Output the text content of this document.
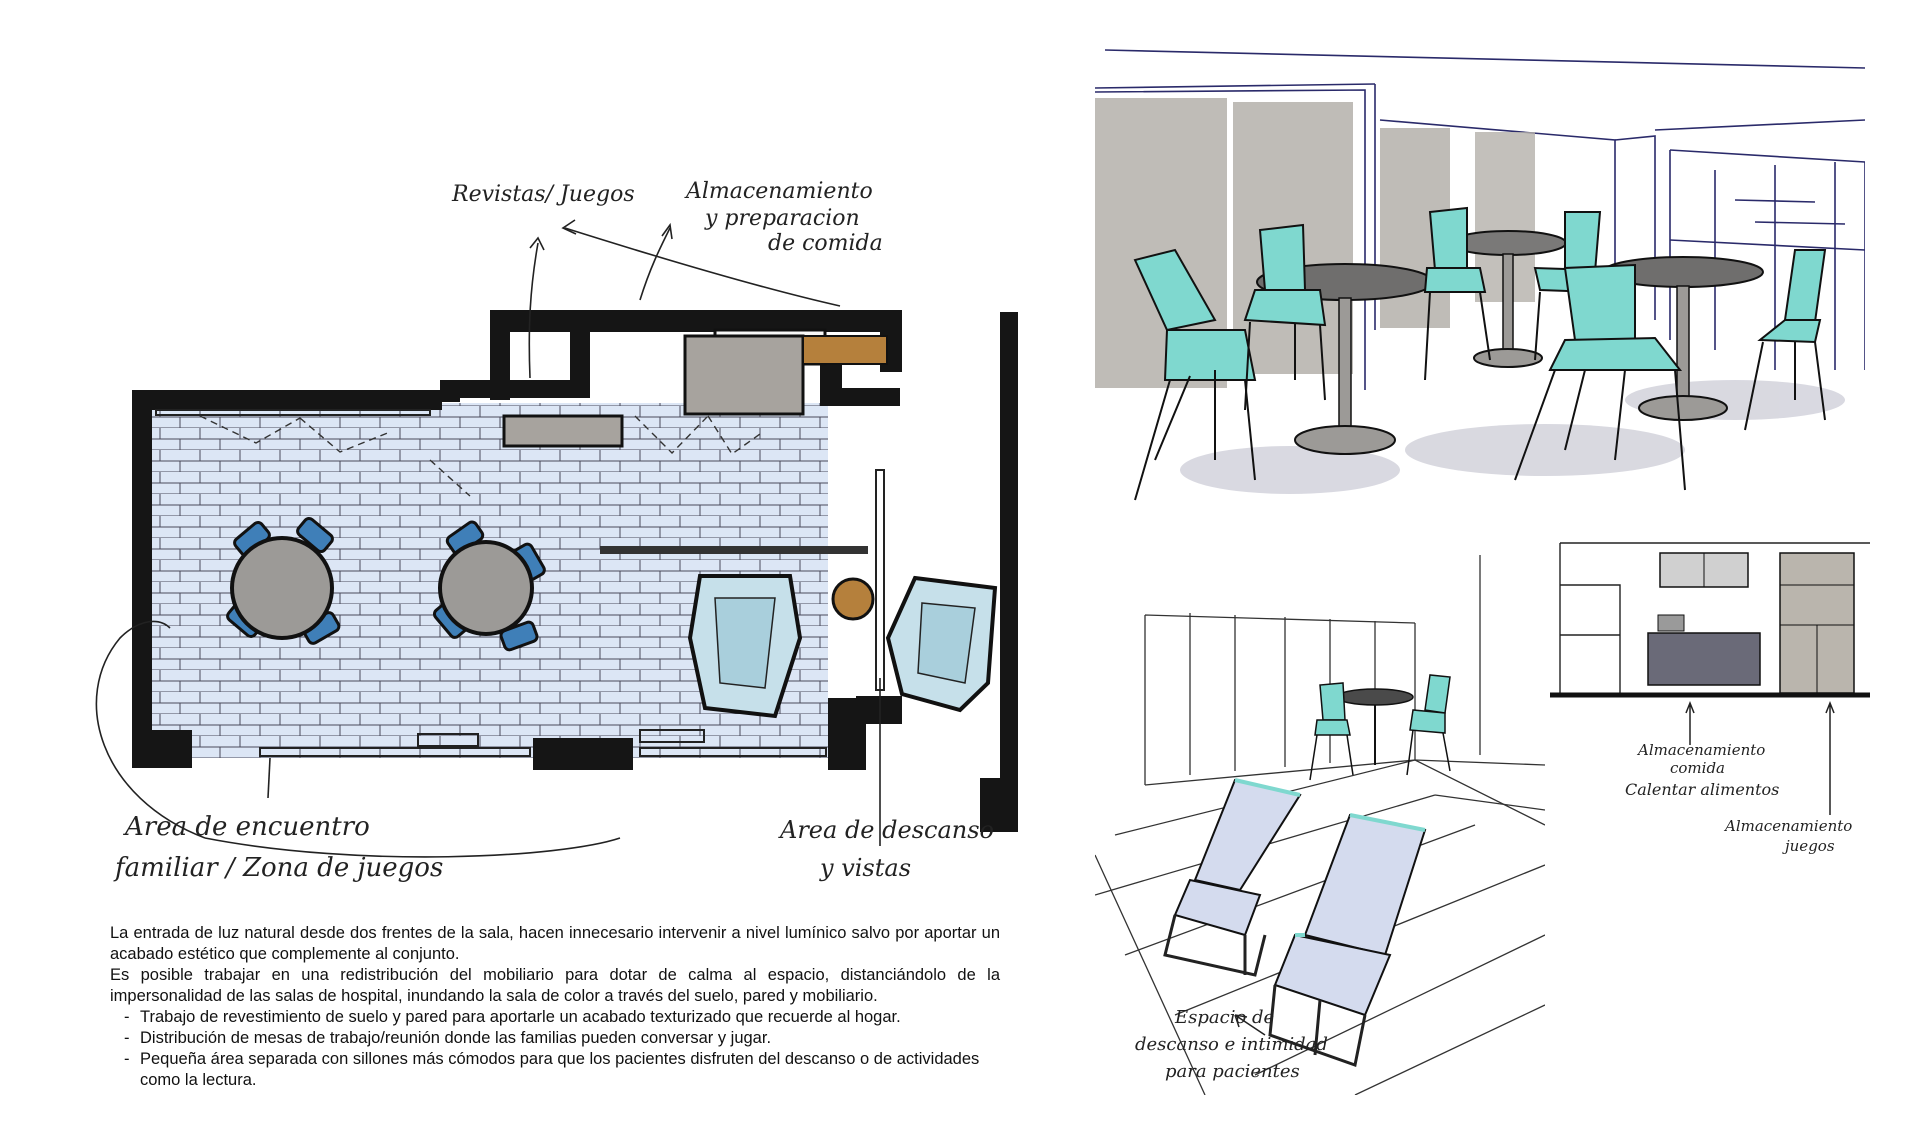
Revistas/ Juegos Almacenamiento
y preparacion
de comida
Area de encuentro
familiar / Zona de juegos
Area de descanso
y vistas
Espacio de
descanso e intimidad
para pacientes
Almacenamiento
comida
Calentar alimentos
Almacenamiento
juegos

La entrada de luz natural desde dos frentes de la sala, hacen innecesario intervenir a nivel lumínico salvo por aportar un acabado estético que complemente al conjunto.

Es posible trabajar en una redistribución del mobiliario para dotar de calma al espacio, distanciándolo de la impersonalidad de las salas de hospital, inundando la sala de color a través del suelo, pared y mobiliario.

- Trabajo de revestimiento de suelo y pared para aportarle un acabado texturizado que recuerde al hogar.
- Distribución de mesas de trabajo/reunión donde las familias pueden conversar y jugar.
- Pequeña área separada con sillones más cómodos para que los pacientes disfruten del descanso o de actividades como la lectura.
